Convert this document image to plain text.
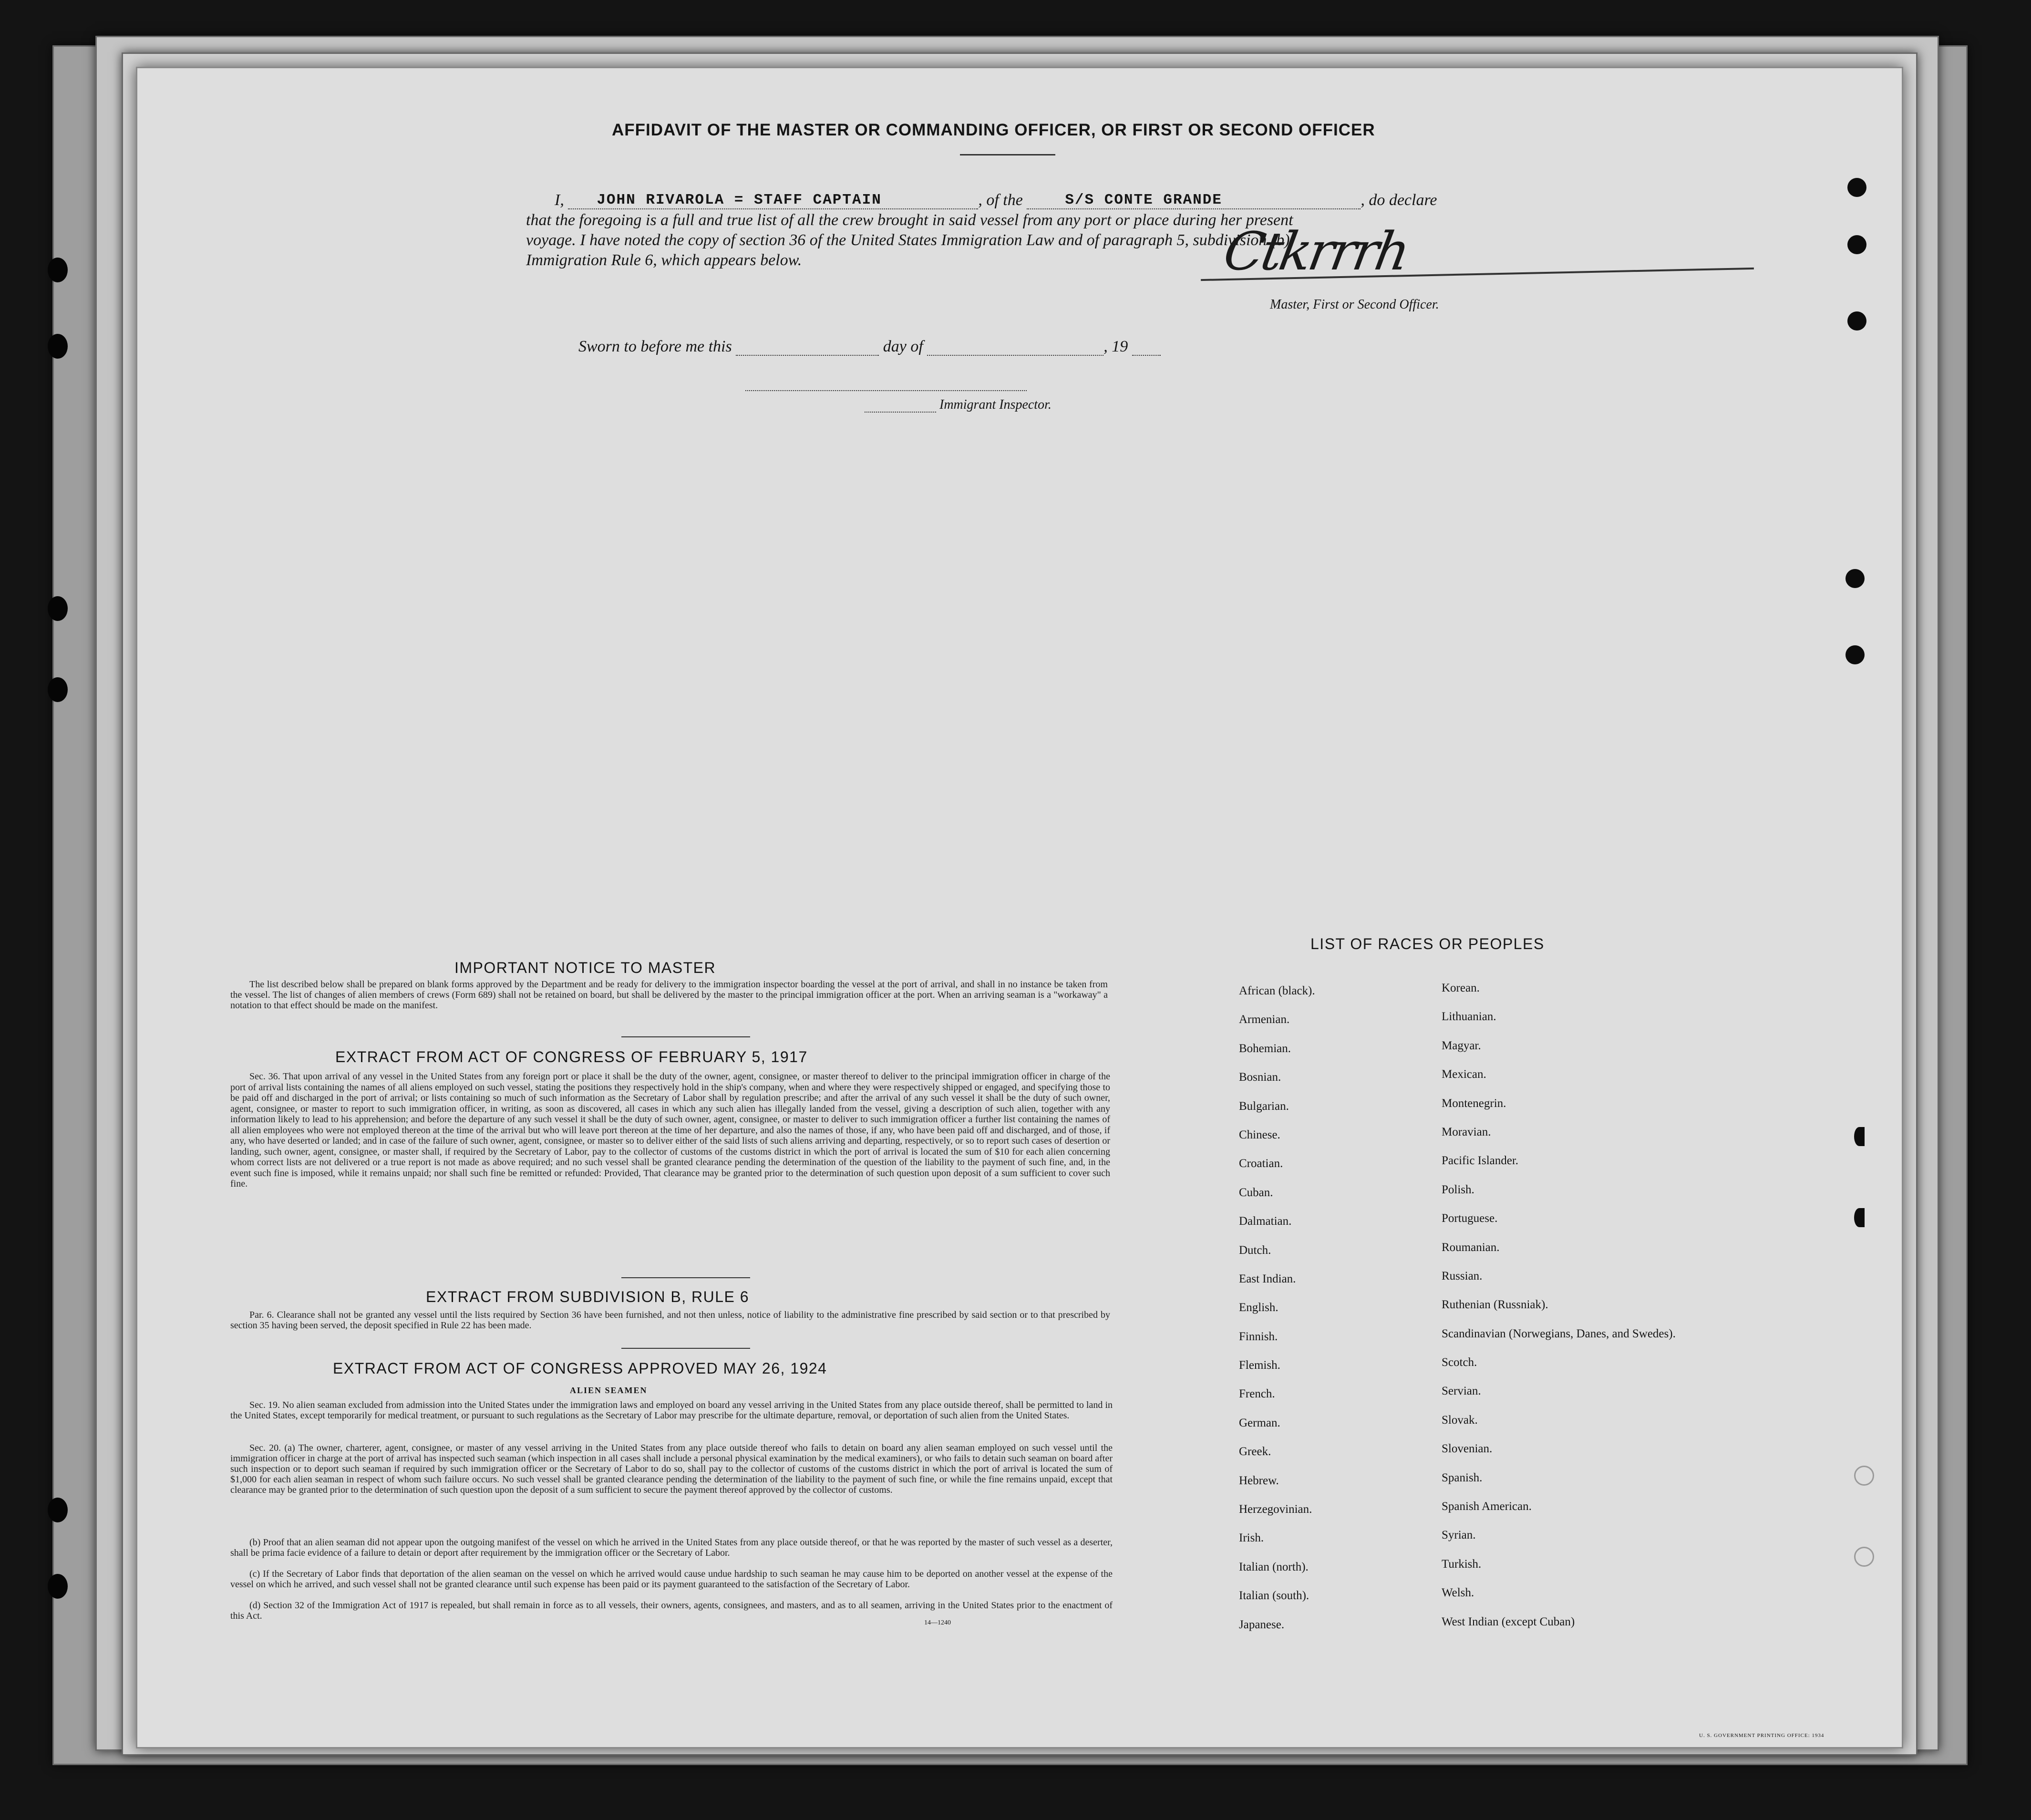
AFFIDAVIT OF THE MASTER OR COMMANDING OFFICER, OR FIRST OR SECOND OFFICER
I, JOHN RIVAROLA = STAFF CAPTAIN	, of the	S/S CONTE GRANDE	, do declare
that the foregoing is a full and true list of all the crew brought in said vessel from any port or place during her present
voyage. I have noted the copy of section 36 of the United States Immigration Law and of paragraph 5, subdivision (b),
Immigration Rule 6, which appears below.	Ctkrrrh
Master, First or Second Officer.
Sworn to before me this	day of	, 19
Immigrant Inspector.
IMPORTANT NOTICE TO MASTER
The list described below shall be prepared on blank forms approved by the Department and be ready for delivery to the immigration inspector boarding the vessel at the port of arrival, and shall in no instance be taken from the vessel. The list of changes of alien members of crews (Form 689) shall not be retained on board, but shall be delivered by the master to the principal immigration officer at the port. When an arriving seaman is a "workaway" a notation to that effect should be made on the manifest.
EXTRACT FROM ACT OF CONGRESS OF FEBRUARY 5, 1917
Sec. 36. That upon arrival of any vessel in the United States from any foreign port or place it shall be the duty of the owner, agent, consignee, or master thereof to deliver to the principal immigration officer in charge of the port of arrival lists containing the names of all aliens employed on such vessel, stating the positions they respectively hold in the ship's company, when and where they were respectively shipped or engaged, and specifying those to be paid off and discharged in the port of arrival; or lists containing so much of such information as the Secretary of Labor shall by regulation prescribe; and after the arrival of any such vessel it shall be the duty of such owner, agent, consignee, or master to report to such immigration officer, in writing, as soon as discovered, all cases in which any such alien has illegally landed from the vessel, giving a description of such alien, together with any information likely to lead to his apprehension; and before the departure of any such vessel it shall be the duty of such owner, agent, consignee, or master to deliver to such immigration officer a further list containing the names of all alien employees who were not employed thereon at the time of the arrival but who will leave port thereon at the time of her departure, and also the names of those, if any, who have been paid off and discharged, and of those, if any, who have deserted or landed; and in case of the failure of such owner, agent, consignee, or master so to deliver either of the said lists of such aliens arriving and departing, respectively, or so to report such cases of desertion or landing, such owner, agent, consignee, or master shall, if required by the Secretary of Labor, pay to the collector of customs of the customs district in which the port of arrival is located the sum of $10 for each alien concerning whom correct lists are not delivered or a true report is not made as above required; and no such vessel shall be granted clearance pending the determination of the question of the liability to the payment of such fine, and, in the event such fine is imposed, while it remains unpaid; nor shall such fine be remitted or refunded: Provided, That clearance may be granted prior to the determination of such question upon deposit of a sum sufficient to cover such fine.
EXTRACT FROM SUBDIVISION B, RULE 6
Par. 6. Clearance shall not be granted any vessel until the lists required by Section 36 have been furnished, and not then unless, notice of liability to the administrative fine prescribed by said section or to that prescribed by section 35 having been served, the deposit specified in Rule 22 has been made.
EXTRACT FROM ACT OF CONGRESS APPROVED MAY 26, 1924
ALIEN SEAMEN
Sec. 19. No alien seaman excluded from admission into the United States under the immigration laws and employed on board any vessel arriving in the United States from any place outside thereof, shall be permitted to land in the United States, except temporarily for medical treatment, or pursuant to such regulations as the Secretary of Labor may prescribe for the ultimate departure, removal, or deportation of such alien from the United States.
Sec. 20. (a) The owner, charterer, agent, consignee, or master of any vessel arriving in the United States from any place outside thereof who fails to detain on board any alien seaman employed on such vessel until the immigration officer in charge at the port of arrival has inspected such seaman (which inspection in all cases shall include a personal physical examination by the medical examiners), or who fails to detain such seaman on board after such inspection or to deport such seaman if required by such immigration officer or the Secretary of Labor to do so, shall pay to the collector of customs of the customs district in which the port of arrival is located the sum of $1,000 for each alien seaman in respect of whom such failure occurs. No such vessel shall be granted clearance pending the determination of the liability to the payment of such fine, or while the fine remains unpaid, except that clearance may be granted prior to the determination of such question upon the deposit of a sum sufficient to secure the payment thereof approved by the collector of customs.
(b) Proof that an alien seaman did not appear upon the outgoing manifest of the vessel on which he arrived in the United States from any place outside thereof, or that he was reported by the master of such vessel as a deserter, shall be prima facie evidence of a failure to detain or deport after requirement by the immigration officer or the Secretary of Labor.
(c) If the Secretary of Labor finds that deportation of the alien seaman on the vessel on which he arrived would cause undue hardship to such seaman he may cause him to be deported on another vessel at the expense of the vessel on which he arrived, and such vessel shall not be granted clearance until such expense has been paid or its payment guaranteed to the satisfaction of the Secretary of Labor.
(d) Section 32 of the Immigration Act of 1917 is repealed, but shall remain in force as to all vessels, their owners, agents, consignees, and masters, and as to all seamen, arriving in the United States prior to the enactment of this Act.
14—1240
LIST OF RACES OR PEOPLES
African (black).
Armenian.
Bohemian.
Bosnian.
Bulgarian.
Chinese.
Croatian.
Cuban.
Dalmatian.
Dutch.
East Indian.
English.
Finnish.
Flemish.
French.
German.
Greek.
Hebrew.
Herzegovinian.
Irish.
Italian (north).
Italian (south).
Japanese.
Korean.
Lithuanian.
Magyar.
Mexican.
Montenegrin.
Moravian.
Pacific Islander.
Polish.
Portuguese.
Roumanian.
Russian.
Ruthenian (Russniak).
Scandinavian (Norwegians, Danes, and Swedes).
Scotch.
Servian.
Slovak.
Slovenian.
Spanish.
Spanish American.
Syrian.
Turkish.
Welsh.
West Indian (except Cuban)
U. S. GOVERNMENT PRINTING OFFICE: 1934
